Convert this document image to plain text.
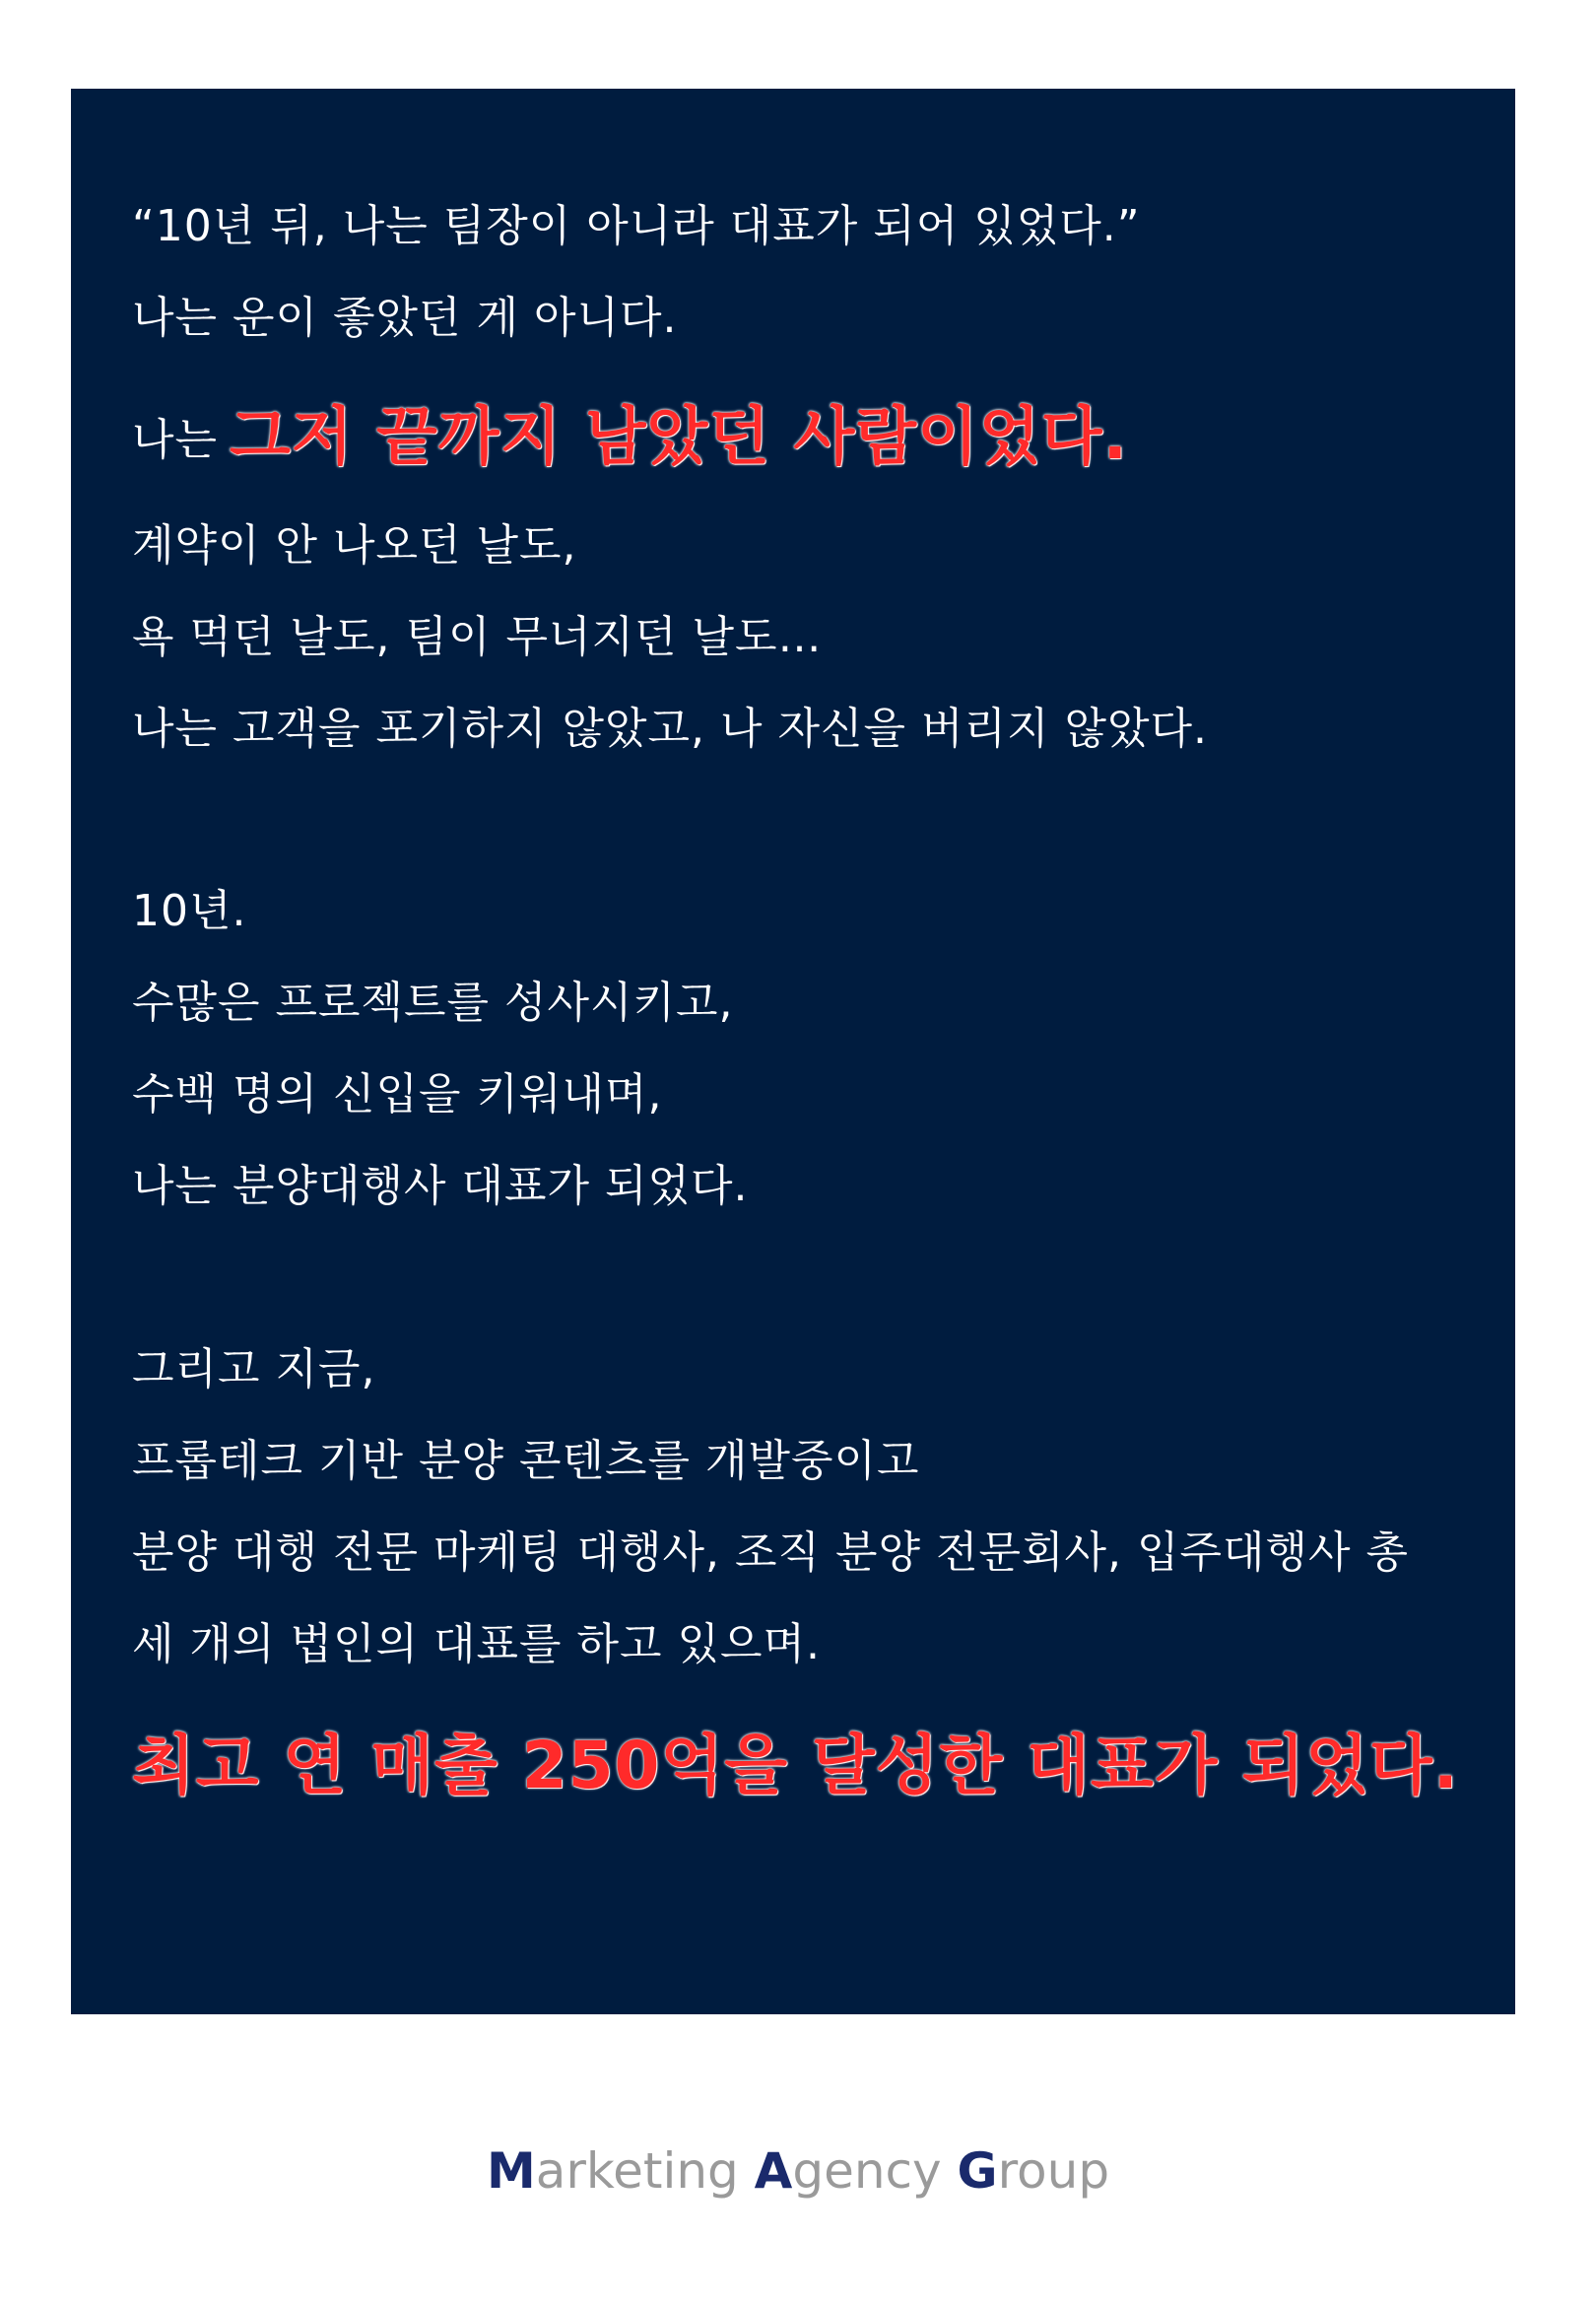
“10년 뒤, 나는 팀장이 아니라 대표가 되어 있었다.”
나는 운이 좋았던 게 아니다.
나는 그저 끝까지 남았던 사람이었다.
계약이 안 나오던 날도,
욕 먹던 날도, 팀이 무너지던 날도…
나는 고객을 포기하지 않았고, 나 자신을 버리지 않았다.
10년.
수많은 프로젝트를 성사시키고,
수백 명의 신입을 키워내며,
나는 분양대행사 대표가 되었다.
그리고 지금,
프롭테크 기반 분양 콘텐츠를 개발중이고
분양 대행 전문 마케팅 대행사, 조직 분양 전문회사, 입주대행사 총
세 개의 법인의 대표를 하고 있으며.
최고 연 매출 250억을 달성한 대표가 되었다.
Marketing Agency Group
